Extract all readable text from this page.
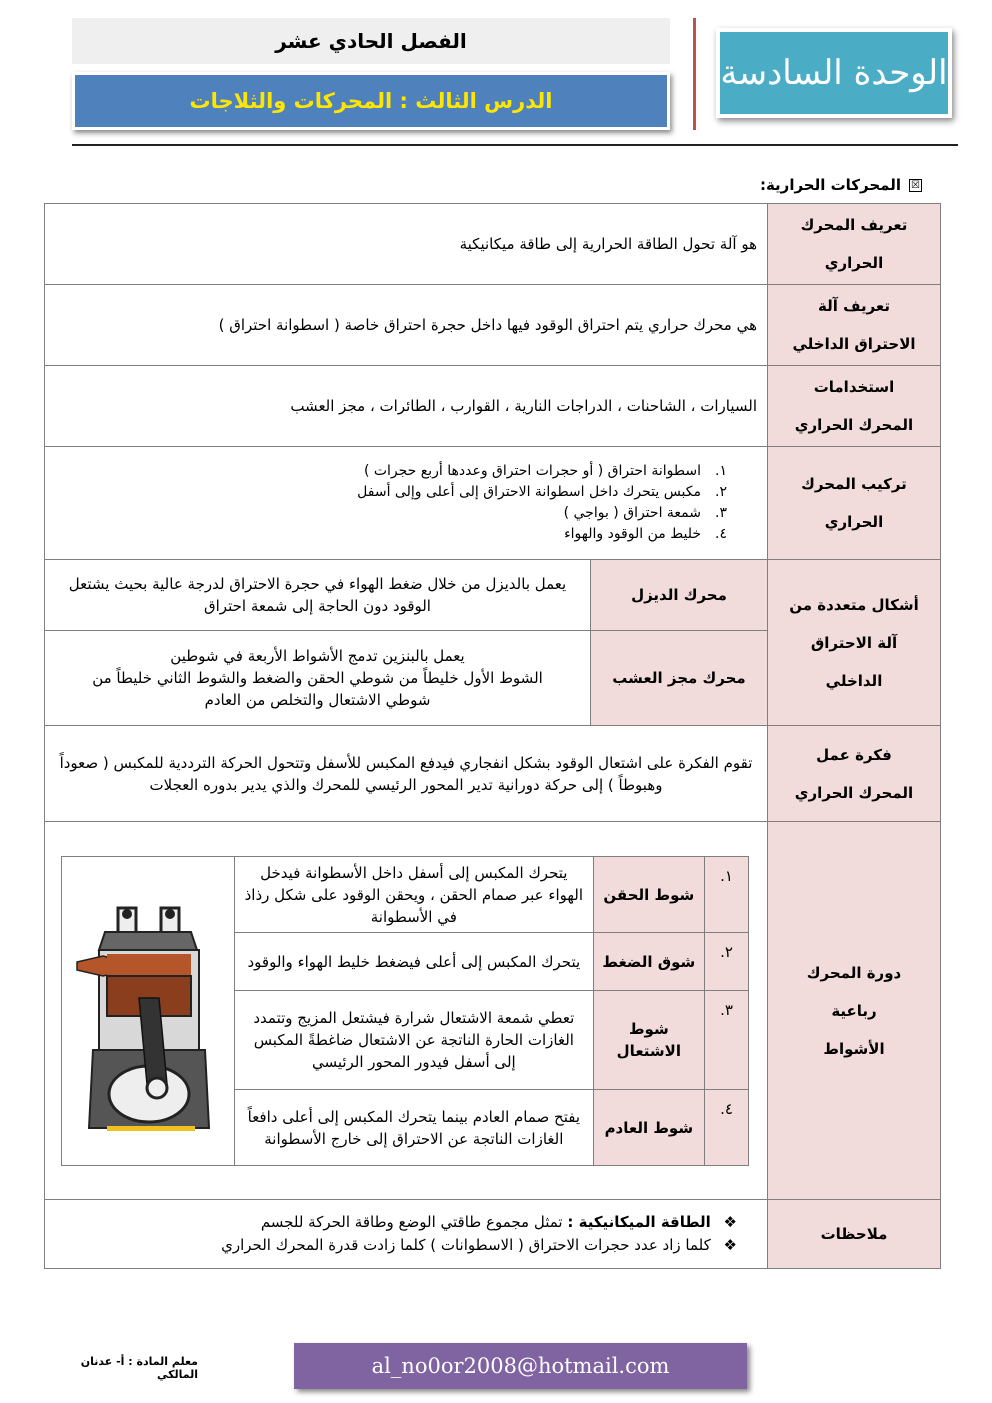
الفصل الحادي عشر
الدرس الثالث : المحركات والثلاجات
الوحدة السادسة
☒المحركات الحرارية:
تعريف المحرك الحراري
	هو آلة تحول الطاقة الحرارية إلى طاقة ميكانيكية

تعريف آلة الاحتراق الداخلي
	هي محرك حراري يتم احتراق الوقود فيها داخل حجرة احتراق خاصة ( اسطوانة احتراق )

استخدامات المحرك الحراري
	السيارات ، الشاحنات ، الدراجات النارية ، القوارب ، الطائرات ، مجز العشب

تركيب المحرك الحراري

١.اسطوانة احتراق ( أو حجرات احتراق وعددها أربع حجرات )
٢.مكبس يتحرك داخل اسطوانة الاحتراق إلى أعلى وإلى أسفل
٣.شمعة احتراق ( بواجي )
٤.خليط من الوقود والهواء

أشكال متعددة من آلة الاحتراق الداخلي
	محرك الديزل	
يعمل بالديزل من خلال ضغط الهواء في حجرة الاحتراق لدرجة عالية بحيث يشتعل الوقود دون الحاجة إلى شمعة احتراق

محرك مجز العشب	
يعمل بالبنزين تدمج الأشواط الأربعة في شوطين
الشوط الأول خليطاً من شوطي الحقن والضغط والشوط الثاني خليطاً من شوطي الاشتعال والتخلص من العادم

فكرة عمل المحرك الحراري
	تقوم الفكرة على اشتعال الوقود بشكل انفجاري فيدفع المكبس للأسفل وتتحول الحركة الترددية للمكبس ( صعوداً وهبوطاً ) إلى حركة دورانية تدير المحور الرئيسي للمحرك والذي يدير بدوره العجلات

دورة المحرك رباعية الأشواط

١.	شوط الحقن	يتحرك المكبس إلى أسفل داخل الأسطوانة فيدخل الهواء عبر صمام الحقن ، ويحقن الوقود على شكل رذاذ في الأسطوانة	
٢.	شوق الضغط	يتحرك المكبس إلى أعلى فيضغط خليط الهواء والوقود
٣.	شوط الاشتعال	تعطي شمعة الاشتعال شرارة فيشتعل المزيج وتتمدد الغازات الحارة الناتجة عن الاشتعال ضاغطةً المكبس إلى أسفل فيدور المحور الرئيسي
٤.	شوط العادم	يفتح صمام العادم بينما يتحرك المكبس إلى أعلى دافعاً الغازات الناتجة عن الاحتراق إلى خارج الأسطوانة

ملاحظات	
❖ الطاقة الميكانيكية : تمثل مجموع طاقتي الوضع وطاقة الحركة للجسم
❖ كلما زاد عدد حجرات الاحتراق ( الاسطوانات ) كلما زادت قدرة المحرك الحراري
معلم المادة : أ- عدنان المالكي	al_no0or2008@hotmail.com
